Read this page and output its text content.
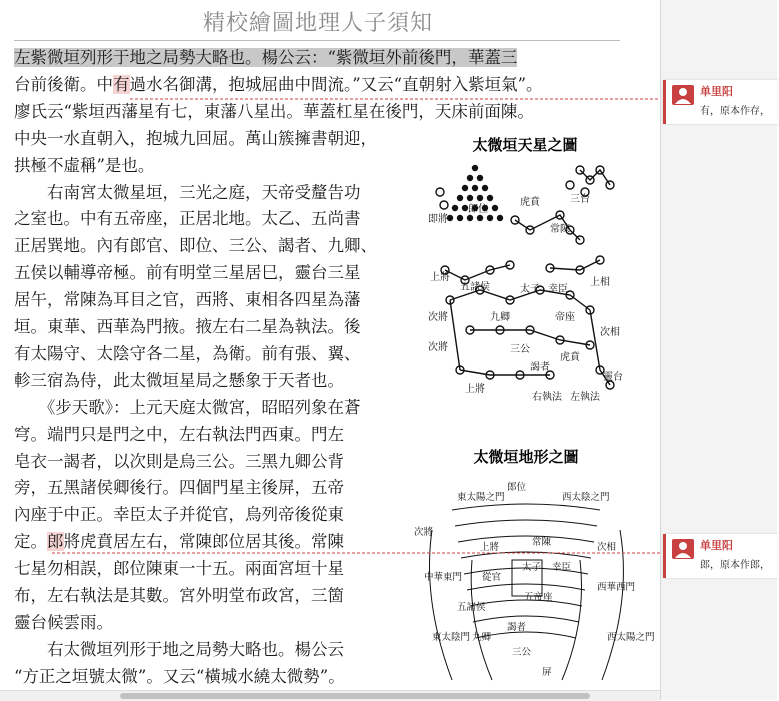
精校繪圖地理人子須知
左紫微垣列形于地之局勢大略也。楊公云：“紫微垣外前後門，華蓋三
台前後衛。中有過水名御溝，抱城屈曲中間流。”又云“直朝射入紫垣氣”。
廖氏云“紫垣西藩星有七，東藩八星出。華蓋杠星在後門，天床前面陳。
中央一水直朝入，抱城九回屈。萬山簇擁書朝迎，
拱極不虛稱”是也。
　　右南宮太微星垣，三光之庭，天帝受釐告功
之室也。中有五帝座，正居北地。太乙、五尚書
正居巽地。內有郎官、即位、三公、謁者、九卿、
五侯以輔導帝極。前有明堂三星居巳，靈台三星
居午，常陳為耳目之官，西將、東相各四星為藩
垣。東華、西華為門掖。掖左右二星為執法。後
有太陽守、太陰守各二星，為衛。前有張、翼、
軫三宿為侍，此太微垣星局之懸象于天者也。
　　《步天歌》：上元天庭太微宮，昭昭列象在蒼
穹。端門只是門之中，左右執法門西東。門左
皂衣一謁者，以次則是烏三公。三黑九卿公背
旁，五黑諸侯卿後行。四個門星主後屏，五帝
內座于中正。幸臣太子并從官，烏列帝後從東
定。郎將虎賁居左右，常陳郎位居其後。常陳
七星勿相誤，郎位陳東一十五。兩面宮垣十星
布，左右執法是其數。宮外明堂布政宮，三箇
靈台候雲雨。
　　右太微垣列形于地之局勢大略也。楊公云
“方正之垣號太微”。又云“橫城水繞太微勢”。
太微垣天星之圖
郎位
三台
即將
虎賁
常陳
上將
五諸侯	太子 幸臣
上相
次將	九卿	帝座
次相
三公
虎賁
謁者
上將
右執法 左執法
次將
靈台
太微垣地形之圖
東太陽之門
郎位
西太陰之門
次將
上將	常陳
太子 幸臣
次相
中華東門 從官
五帝座
西華西門
五諸侯
東太陰門 九卿
謁者
三公
西太陽之門
屏
单里阳
有，原本作存，
单里阳
郎，原本作郎，
